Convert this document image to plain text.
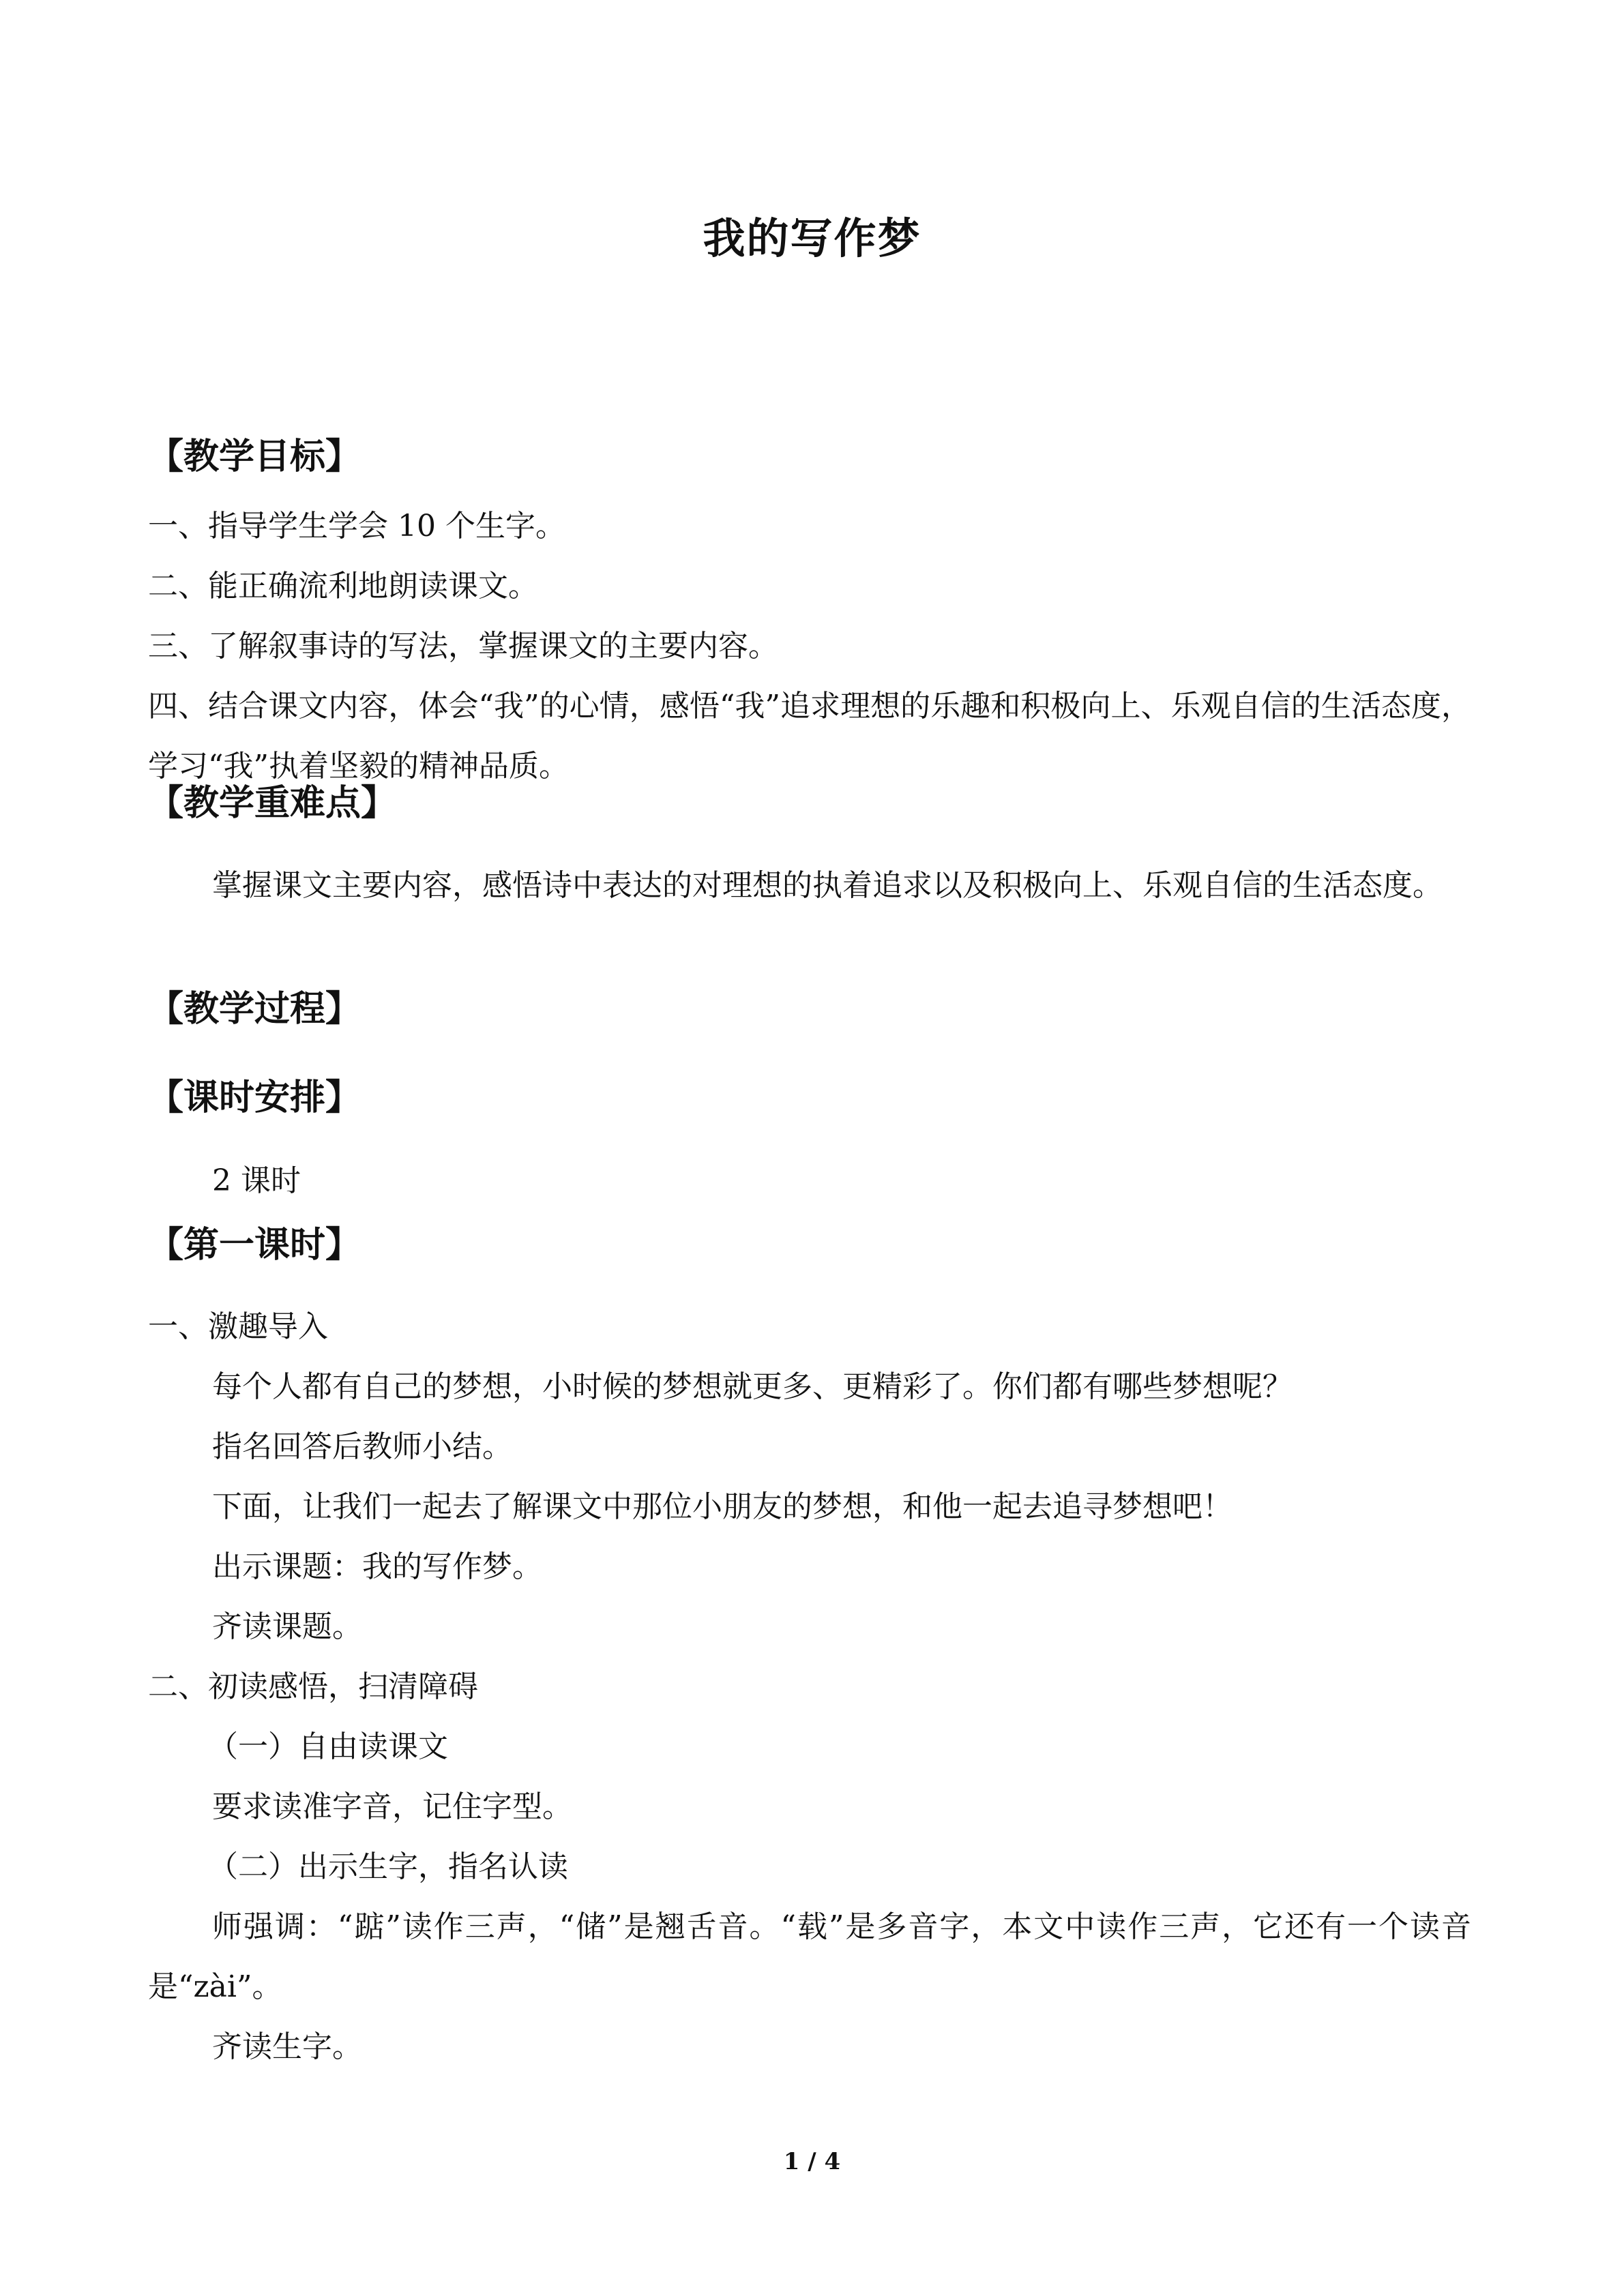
我的写作梦
【教学目标】
一、指导学生学会 10 个生字。
二、能正确流利地朗读课文。
三、了解叙事诗的写法，掌握课文的主要内容。
四、结合课文内容，体会“我”的心情，感悟“我”追求理想的乐趣和积极向上、乐观自信的生活态度，学习“我”执着坚毅的精神品质。
【教学重难点】
掌握课文主要内容，感悟诗中表达的对理想的执着追求以及积极向上、乐观自信的生活态度。
【教学过程】
【课时安排】
2 课时
【第一课时】
一、激趣导入
每个人都有自己的梦想，小时候的梦想就更多、更精彩了。你们都有哪些梦想呢？
指名回答后教师小结。
下面，让我们一起去了解课文中那位小朋友的梦想，和他一起去追寻梦想吧！
出示课题：我的写作梦。
齐读课题。
二、初读感悟，扫清障碍
（一）自由读课文
要求读准字音，记住字型。
（二）出示生字，指名认读
师强调：“踮”读作三声，“储”是翘舌音。“载”是多音字，本文中读作三声，它还有一个读音是“zài”。
齐读生字。
1 / 4
